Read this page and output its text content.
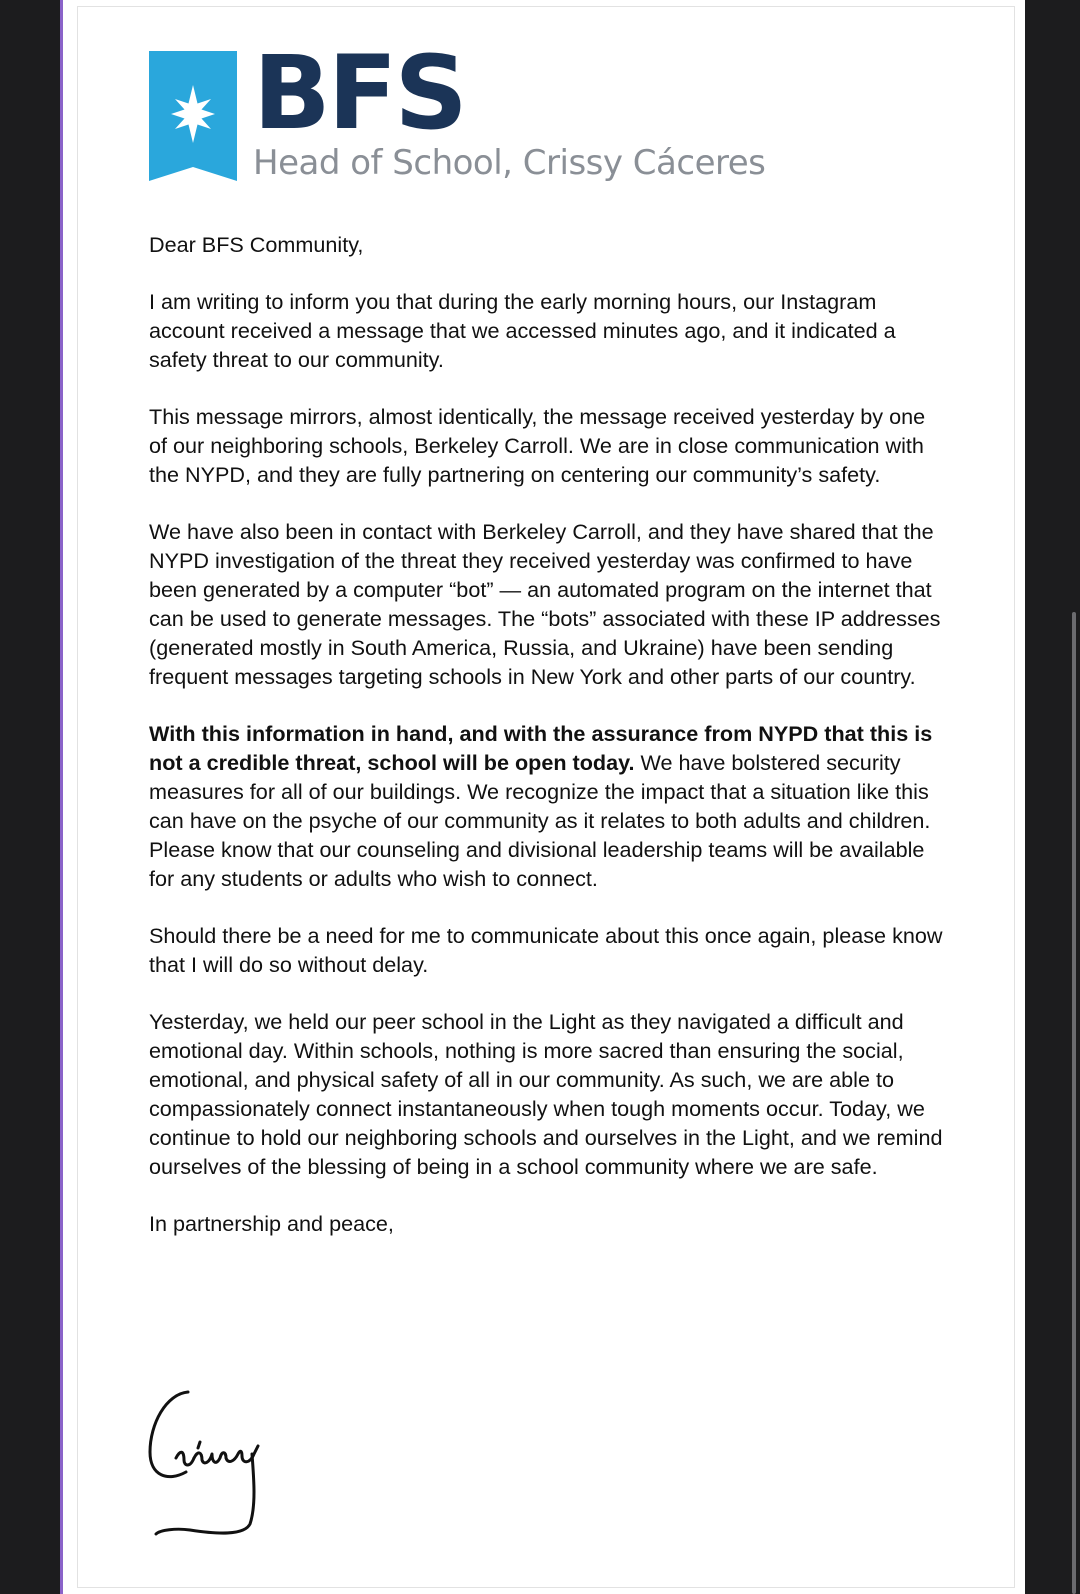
BFS
Head of School, Crissy Cáceres

Dear BFS Community,

I am writing to inform you that during the early morning hours, our Instagram account received a message that we accessed minutes ago, and it indicated a safety threat to our community.

This message mirrors, almost identically, the message received yesterday by one of our neighboring schools, Berkeley Carroll. We are in close communication with the NYPD, and they are fully partnering on centering our community’s safety.

We have also been in contact with Berkeley Carroll, and they have shared that the NYPD investigation of the threat they received yesterday was confirmed to have been generated by a computer “bot” — an automated program on the internet that can be used to generate messages. The “bots” associated with these IP addresses (generated mostly in South America, Russia, and Ukraine) have been sending frequent messages targeting schools in New York and other parts of our country.

With this information in hand, and with the assurance from NYPD that this is not a credible threat, school will be open today. We have bolstered security measures for all of our buildings. We recognize the impact that a situation like this can have on the psyche of our community as it relates to both adults and children. Please know that our counseling and divisional leadership teams will be available for any students or adults who wish to connect.

Should there be a need for me to communicate about this once again, please know that I will do so without delay.

Yesterday, we held our peer school in the Light as they navigated a difficult and emotional day. Within schools, nothing is more sacred than ensuring the social, emotional, and physical safety of all in our community. As such, we are able to compassionately connect instantaneously when tough moments occur. Today, we continue to hold our neighboring schools and ourselves in the Light, and we remind ourselves of the blessing of being in a school community where we are safe.

In partnership and peace,
